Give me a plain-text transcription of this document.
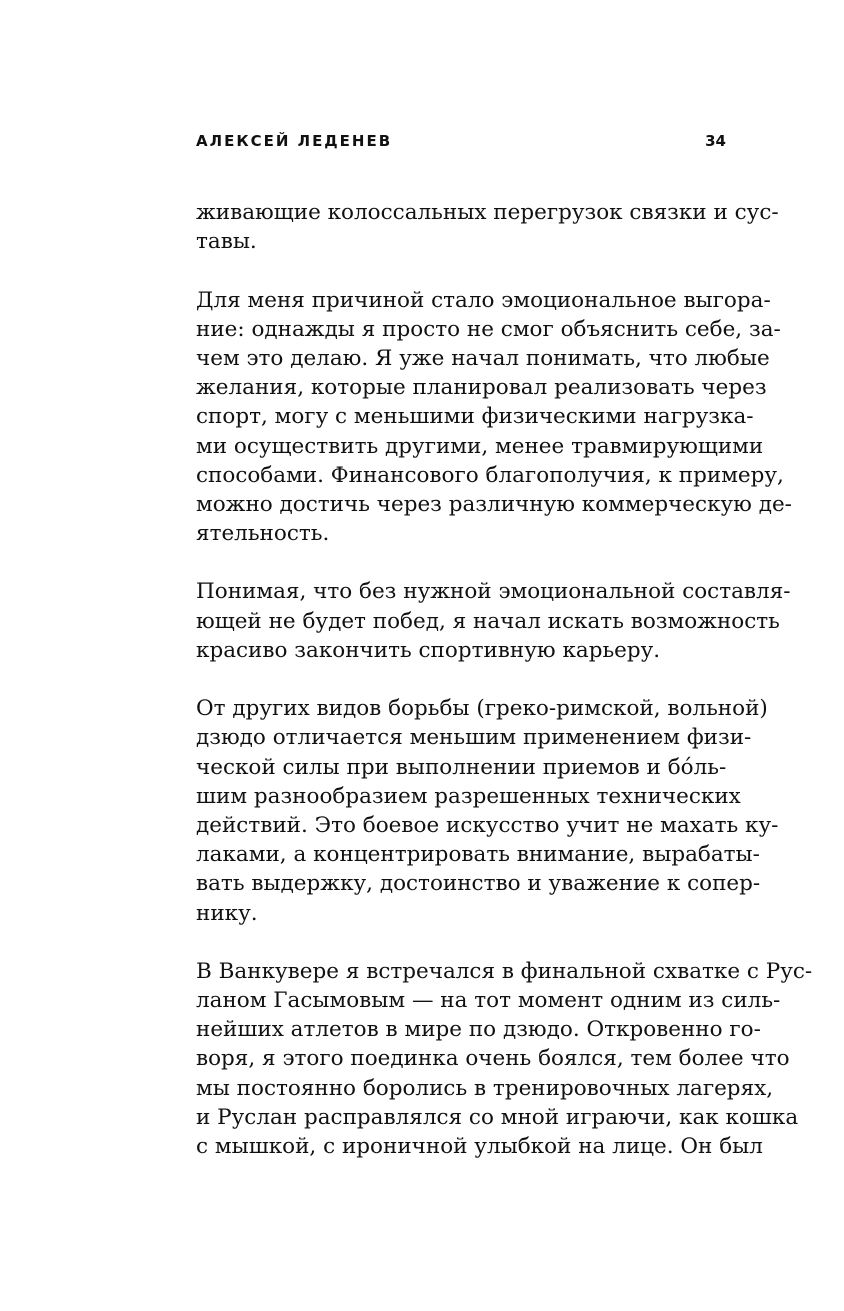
АЛЕКСЕЙ ЛЕДЕНЕВ	34
живающие колоссальных перегрузок связки и сус-
тавы.
Для меня причиной стало эмоциональное выгора-
ние: однажды я просто не смог объяснить себе, за-
чем это делаю. Я уже начал понимать, что любые
желания, которые планировал реализовать через
спорт, могу с меньшими физическими нагрузка-
ми осуществить другими, менее травмирующими
способами. Финансового благополучия, к примеру,
можно достичь через различную коммерческую де-
ятельность.
Понимая, что без нужной эмоциональной составля-
ющей не будет побед, я начал искать возможность
красиво закончить спортивную карьеру.
От других видов борьбы (греко-римской, вольной)
дзюдо отличается меньшим применением физи-
ческой силы при выполнении приемов и бóль-
шим разнообразием разрешенных технических
действий. Это боевое искусство учит не махать ку-
лаками, а концентрировать внимание, вырабаты-
вать выдержку, достоинство и уважение к сопер-
нику.
В Ванкувере я встречался в финальной схватке с Рус-
ланом Гасымовым — на тот момент одним из силь-
нейших атлетов в мире по дзюдо. Откровенно го-
воря, я этого поединка очень боялся, тем более что
мы постоянно боролись в тренировочных лагерях,
и Руслан расправлялся со мной играючи, как кошка
с мышкой, с ироничной улыбкой на лице. Он был
